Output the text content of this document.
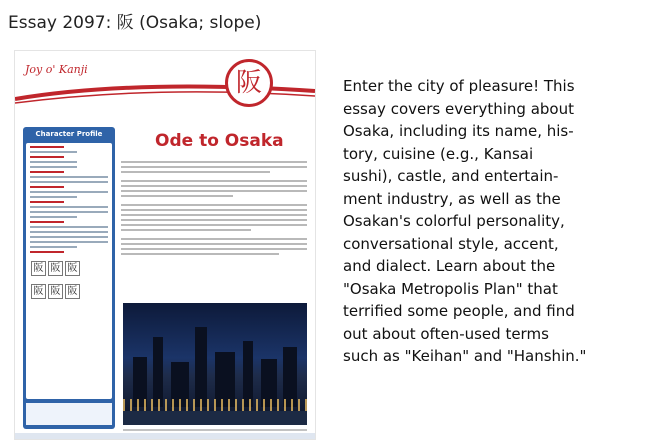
Essay 2097: 阪 (Osaka; slope)
Joy o' Kanji	阪
Character Profile
阪 阪 阪
阪 阪 阪
Ode to Osaka
Enter the city of pleasure! This
essay covers everything about
Osaka, including its name, his-
tory, cuisine (e.g., Kansai
sushi), castle, and entertain-
ment industry, as well as the
Osakan's colorful personality,
conversational style, accent,
and dialect. Learn about the
"Osaka Metropolis Plan" that
terrified some people, and find
out about often-used terms
such as "Keihan" and "Hanshin."
